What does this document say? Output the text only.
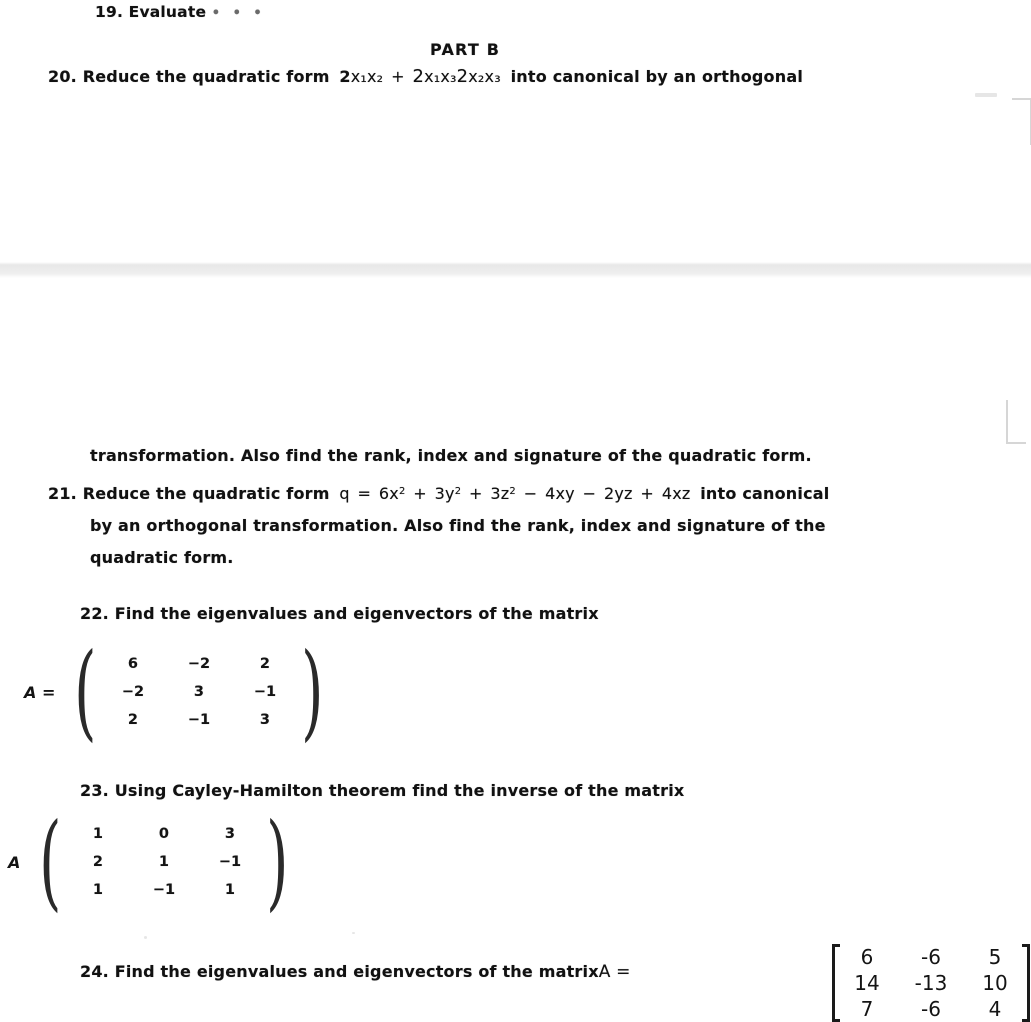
19. Evaluate • • •
PART B
20. Reduce the quadratic form 2x₁x₂ + 2x₁x₃2x₂x₃ into canonical by an orthogonal
transformation. Also find the rank, index and signature of the quadratic form.
21. Reduce the quadratic form $q = 6x^2 + 3y^2 + 3z^2 - 4xy - 2yz + 4xz$ into canonical
by an orthogonal transformation. Also find the rank, index and signature of the
quadratic form.
22. Find the eigenvalues and eigenvectors of the matrix
A = ( 6	−2	2
−2	3	−1
2	−1	3 )
23. Using Cayley-Hamilton theorem find the inverse of the matrix
A ( 1	0	3
2	1	−1
1	−1	1 )
24. Find the eigenvalues and eigenvectors of the matrixA =
6	-6	5
14	-13	10
7	-6	4
